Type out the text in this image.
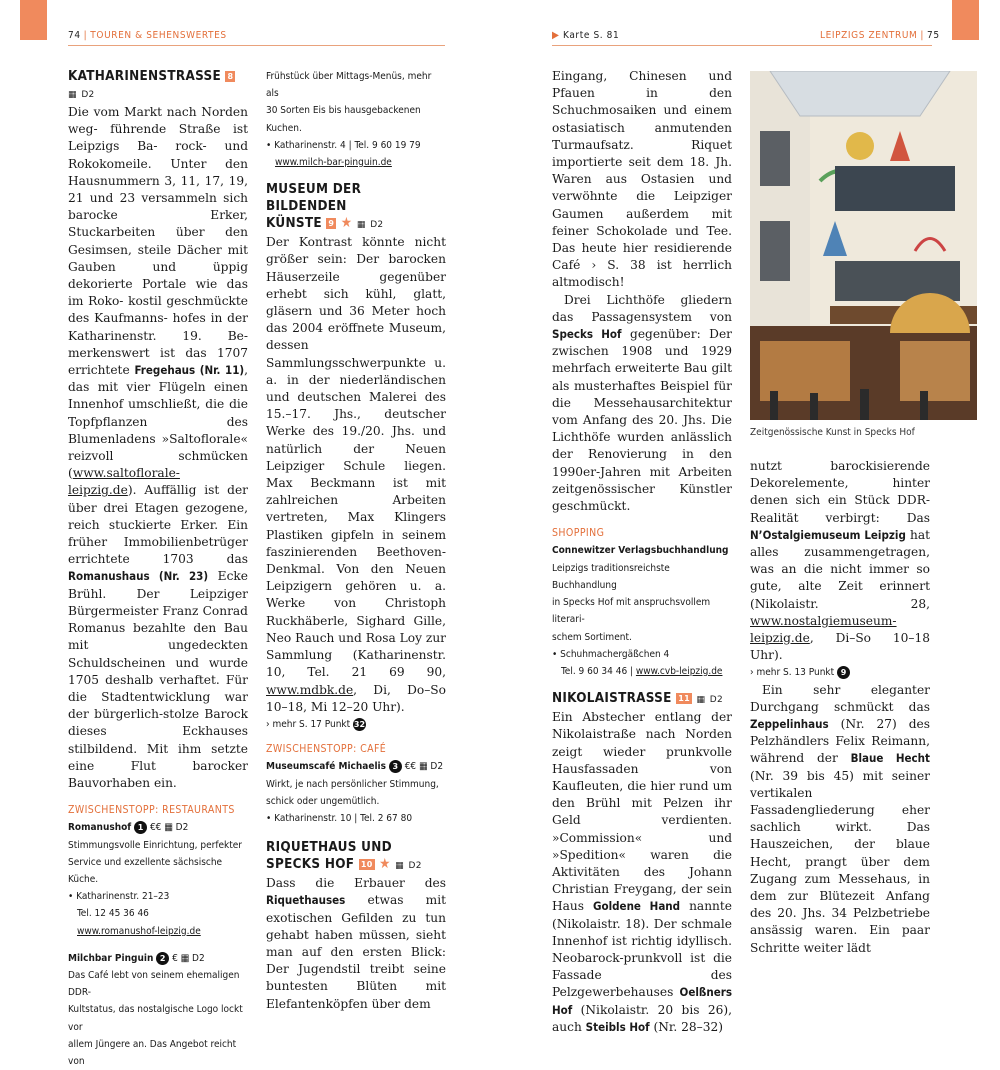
74 | TOUREN & SEHENSWERTES	▶ Karte S. 81	LEIPZIGS ZENTRUM | 75

KATHARINENSTRASSE 8 ▦ D2

Die vom Markt nach Norden weg- führende Straße ist Leipzigs Ba- rock- und Rokokomeile. Unter den Hausnummern 3, 11, 17, 19, 21 und 23 versammeln sich barocke Erker, Stuckarbeiten über den Gesimsen, steile Dächer mit Gauben und üppig dekorierte Portale wie das im Roko- kostil geschmückte des Kaufmanns- hofes in der Katharinenstr. 19. Be- merkenswert ist das 1707 errichtete Fregehaus (Nr. 11), das mit vier Flügeln einen Innenhof umschließt, die die Topfpflanzen des Blumenladens »Saltoflorale« reizvoll schmücken (www.saltoflorale-leipzig.de). Auffällig ist der über drei Etagen gezogene, reich stuckierte Erker. Ein früher Immobilienbetrüger errichtete 1703 das Romanushaus (Nr. 23) Ecke Brühl. Der Leipziger Bürgermeister Franz Conrad Romanus bezahlte den Bau mit ungedeckten Schuldscheinen und wurde 1705 deshalb verhaftet. Für die Stadtentwicklung war der bürgerlich-stolze Barock dieses Eckhauses stilbildend. Mit ihm setzte eine Flut barocker Bauvorhaben ein.

ZWISCHENSTOPP: RESTAURANTS

Romanushof 1 €€ ▦ D2
Stimmungsvolle Einrichtung, perfekter
Service und exzellente sächsische Küche.
• Katharinenstr. 21–23
Tel. 12 45 36 46
www.romanushof-leipzig.de
Milchbar Pinguin 2 € ▦ D2
Das Café lebt von seinem ehemaligen DDR-
Kultstatus, das nostalgische Logo lockt vor
allem Jüngere an. Das Angebot reicht von
Frühstück über Mittags-Menüs, mehr als
30 Sorten Eis bis hausgebackenen Kuchen.
• Katharinenstr. 4 | Tel. 9 60 19 79
www.milch-bar-pinguin.de

MUSEUM DER BILDENDEN
KÜNSTE 9 ★ ▦ D2

Der Kontrast könnte nicht größer sein: Der barocken Häuserzeile gegenüber erhebt sich kühl, glatt, gläsern und 36 Meter hoch das 2004 eröffnete Museum, dessen Sammlungsschwerpunkte u. a. in der niederländischen und deutschen Malerei des 15.–17. Jhs., deutscher Werke des 19./20. Jhs. und natürlich der Neuen Leipziger Schule liegen. Max Beckmann ist mit zahlreichen Arbeiten vertreten, Max Klingers Plastiken gipfeln in seinem faszinierenden Beethoven-Denkmal. Von den Neuen Leipzigern gehören u. a. Werke von Christoph Ruckhäberle, Sighard Gille, Neo Rauch und Rosa Loy zur Sammlung (Katharinenstr. 10, Tel. 21 69 90, www.mdbk.de, Di, Do–So 10–18, Mi 12–20 Uhr).

› mehr S. 17 Punkt 32

ZWISCHENSTOPP: CAFÉ

Museumscafé Michaelis 3 €€ ▦ D2
Wirkt, je nach persönlicher Stimmung,
schick oder ungemütlich.
• Katharinenstr. 10 | Tel. 2 67 80

RIQUETHAUS UND
SPECKS HOF 10 ★ ▦ D2

Dass die Erbauer des Riquethauses etwas mit exotischen Gefilden zu tun gehabt haben müssen, sieht man auf den ersten Blick: Der Jugendstil treibt seine buntesten Blüten mit Elefantenköpfen über dem

Eingang, Chinesen und Pfauen in den Schuchmosaiken und einem ostasiatisch anmutenden Turmaufsatz. Riquet importierte seit dem 18. Jh. Waren aus Ostasien und verwöhnte die Leipziger Gaumen außerdem mit feiner Schokolade und Tee. Das heute hier residierende Café › S. 38 ist herrlich altmodisch!

Drei Lichthöfe gliedern das Passagensystem von Specks Hof gegenüber: Der zwischen 1908 und 1929 mehrfach erweiterte Bau gilt als musterhaftes Beispiel für die Messehausarchitektur vom Anfang des 20. Jhs. Die Lichthöfe wurden anlässlich der Renovierung in den 1990er-Jahren mit Arbeiten zeitgenössischer Künstler geschmückt.

SHOPPING

Connewitzer Verlagsbuchhandlung
Leipzigs traditionsreichste Buchhandlung
in Specks Hof mit anspruchsvollem literari-
schem Sortiment.
• Schuhmachergäßchen 4
Tel. 9 60 34 46 | www.cvb-leipzig.de

NIKOLAISTRASSE 11 ▦ D2

Ein Abstecher entlang der Nikolaistraße nach Norden zeigt wieder prunkvolle Hausfassaden von Kaufleuten, die hier rund um den Brühl mit Pelzen ihr Geld verdienten. »Commission« und »Spedition« waren die Aktivitäten des Johann Christian Freygang, der sein Haus Goldene Hand nannte (Nikolaistr. 18). Der schmale Innenhof ist richtig idyllisch. Neobarock-prunkvoll ist die Fassade des Pelzgewerbehauses Oelßners Hof (Nikolaistr. 20 bis 26), auch Steibls Hof (Nr. 28–32)

Zeitgenössische Kunst in Specks Hof

nutzt barockisierende Dekorelemente, hinter denen sich ein Stück DDR-Realität verbirgt: Das N’Ostalgiemuseum Leipzig hat alles zusammengetragen, was an die nicht immer so gute, alte Zeit erinnert (Nikolaistr. 28, www.nostalgiemuseum-leipzig.de, Di–So 10–18 Uhr).

› mehr S. 13 Punkt 9

Ein sehr eleganter Durchgang schmückt das Zeppelinhaus (Nr. 27) des Pelzhändlers Felix Reimann, während der Blaue Hecht (Nr. 39 bis 45) mit seiner vertikalen Fassadengliederung eher sachlich wirkt. Das Hauszeichen, der blaue Hecht, prangt über dem Zugang zum Messehaus, in dem zur Blütezeit Anfang des 20. Jhs. 34 Pelzbetriebe ansässig waren. Ein paar Schritte weiter lädt
